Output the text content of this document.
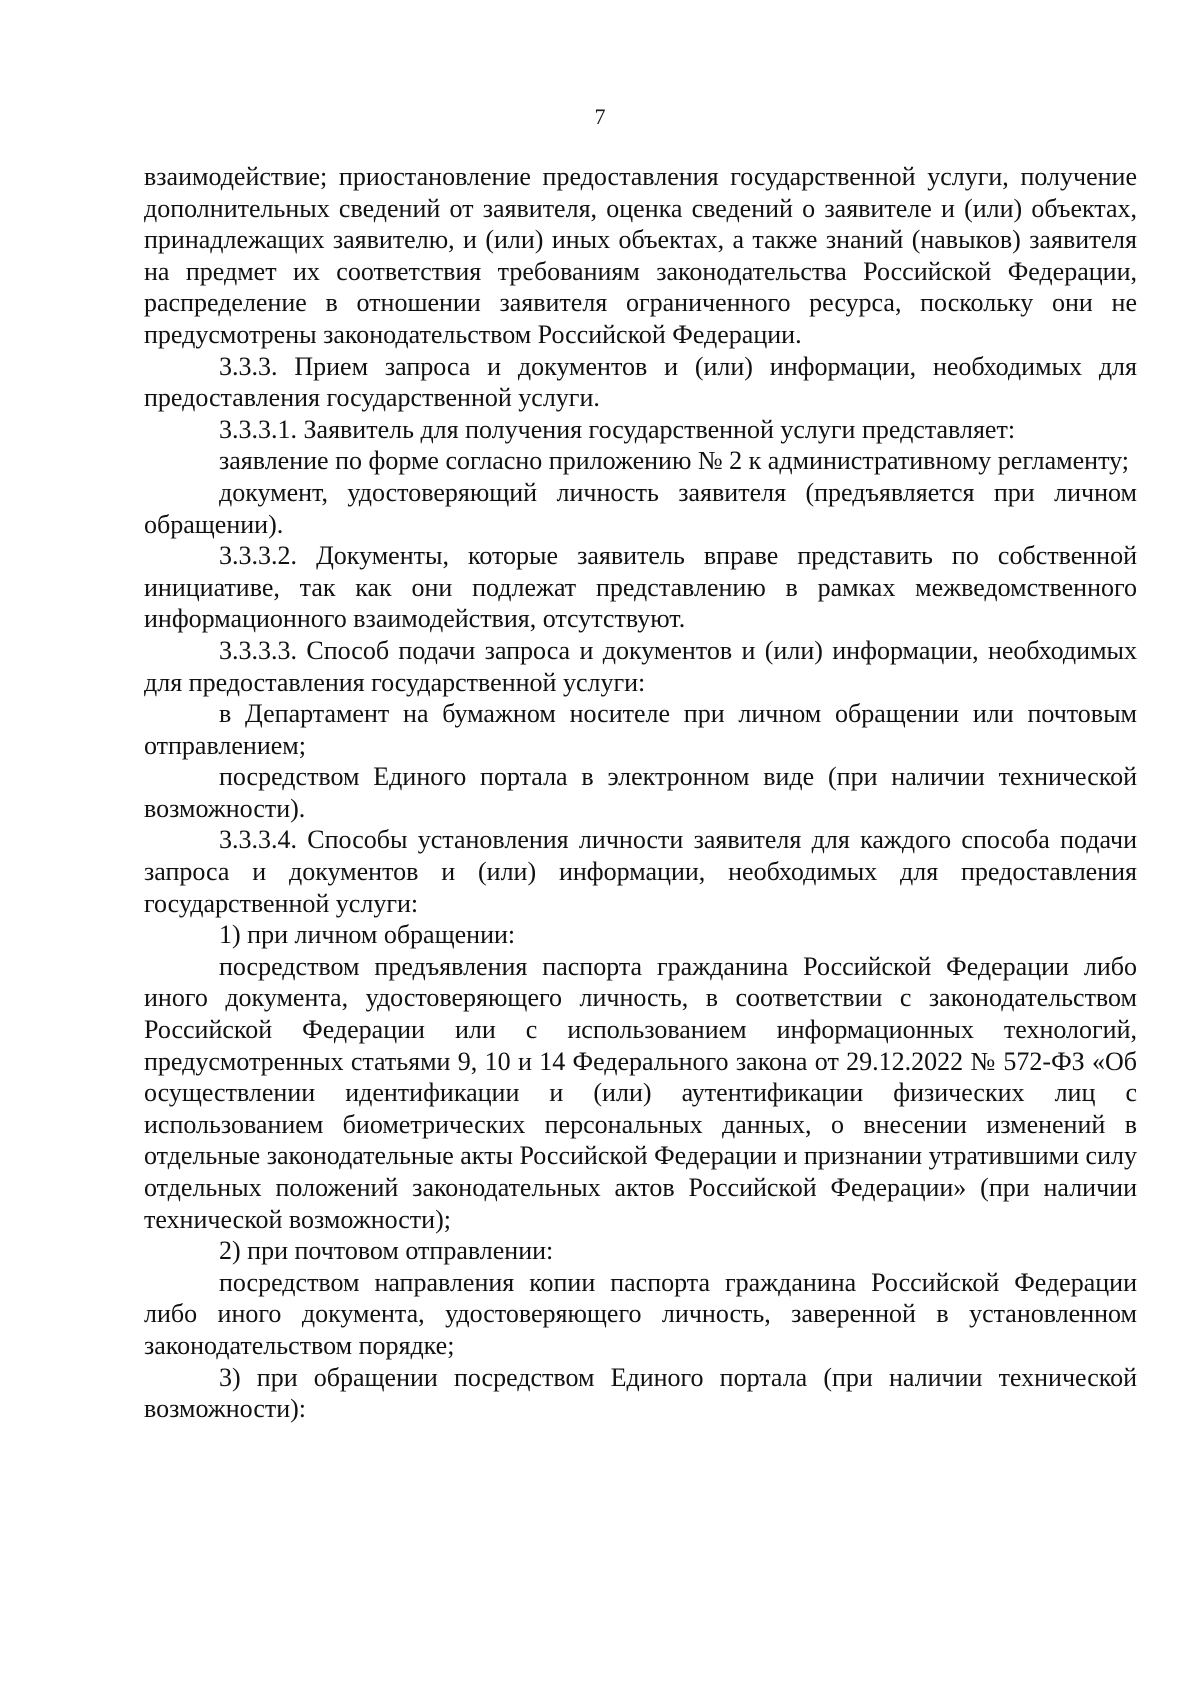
7

взаимодействие; приостановление предоставления государственной услуги, получение дополнительных сведений от заявителя, оценка сведений о заявителе и (или) объектах, принадлежащих заявителю, и (или) иных объектах, а также знаний (навыков) заявителя на предмет их соответствия требованиям законодательства Российской Федерации, распределение в отношении заявителя ограниченного ресурса, поскольку они не предусмотрены законодательством Российской Федерации.

3.3.3. Прием запроса и документов и (или) информации, необходимых для предоставления государственной услуги.

3.3.3.1. Заявитель для получения государственной услуги представляет:

заявление по форме согласно приложению № 2 к административному регламенту;

документ, удостоверяющий личность заявителя (предъявляется при личном обращении).

3.3.3.2. Документы, которые заявитель вправе представить по собственной инициативе, так как они подлежат представлению в рамках межведомственного информационного взаимодействия, отсутствуют.

3.3.3.3. Способ подачи запроса и документов и (или) информации, необходимых для предоставления государственной услуги:

в Департамент на бумажном носителе при личном обращении или почтовым отправлением;

посредством Единого портала в электронном виде (при наличии технической возможности).

3.3.3.4. Способы установления личности заявителя для каждого способа подачи запроса и документов и (или) информации, необходимых для предоставления государственной услуги:

1) при личном обращении:

посредством предъявления паспорта гражданина Российской Федерации либо иного документа, удостоверяющего личность, в соответствии с законодательством Российской Федерации или с использованием информационных технологий, предусмотренных статьями 9, 10 и 14 Федерального закона от 29.12.2022 № 572-ФЗ «Об осуществлении идентификации и (или) аутентификации физических лиц с использованием биометрических персональных данных, о внесении изменений в отдельные законодательные акты Российской Федерации и признании утратившими силу отдельных положений законодательных актов Российской Федерации» (при наличии технической возможности);

2) при почтовом отправлении:

посредством направления копии паспорта гражданина Российской Федерации либо иного документа, удостоверяющего личность, заверенной в установленном законодательством порядке;

3) при обращении посредством Единого портала (при наличии технической возможности):
